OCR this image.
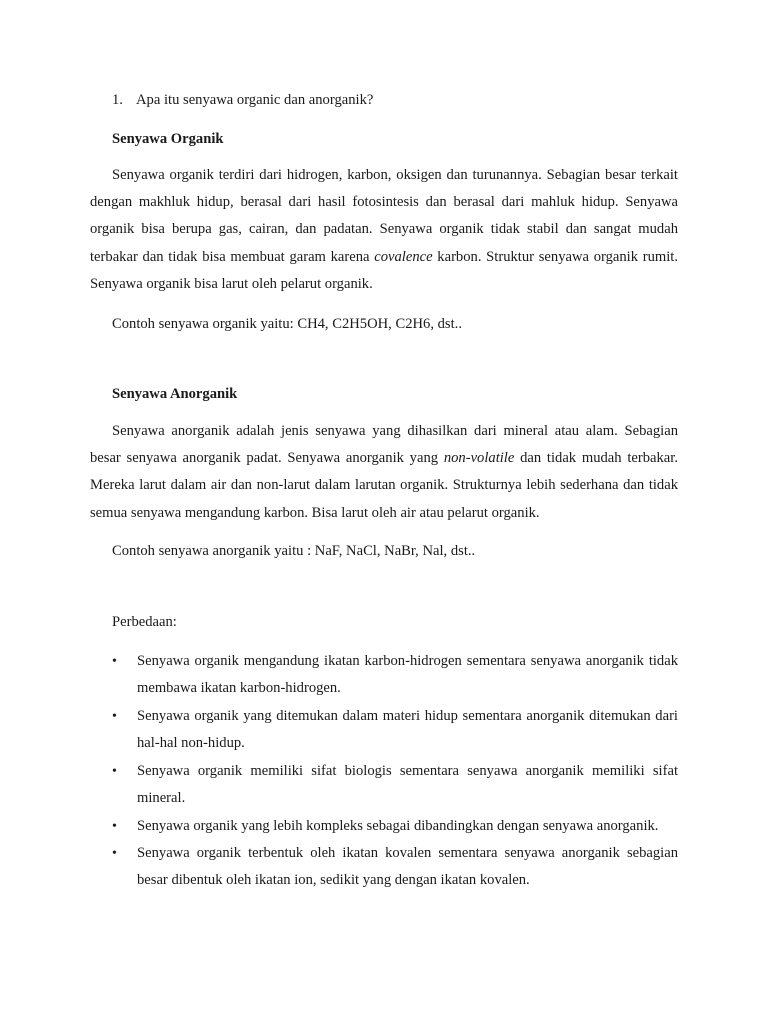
1. Apa itu senyawa organic dan anorganik?
Senyawa Organik

Senyawa organik terdiri dari hidrogen, karbon, oksigen dan turunannya. Sebagian besar terkait dengan makhluk hidup, berasal dari hasil fotosintesis dan berasal dari mahluk hidup. Senyawa organik bisa berupa gas, cairan, dan padatan. Senyawa organik tidak stabil dan sangat mudah terbakar dan tidak bisa membuat garam karena covalence karbon. Struktur senyawa organik rumit. Senyawa organik bisa larut oleh pelarut organik.

Contoh senyawa organik yaitu: CH4, C2H5OH, C2H6, dst..
Senyawa Anorganik

Senyawa anorganik adalah jenis senyawa yang dihasilkan dari mineral atau alam. Sebagian besar senyawa anorganik padat. Senyawa anorganik yang non-volatile dan tidak mudah terbakar. Mereka larut dalam air dan non-larut dalam larutan organik. Strukturnya lebih sederhana dan tidak semua senyawa mengandung karbon. Bisa larut oleh air atau pelarut organik.

Contoh senyawa anorganik yaitu : NaF, NaCl, NaBr, Nal, dst..
Perbedaan:
• Senyawa organik mengandung ikatan karbon-hidrogen sementara senyawa anorganik tidak membawa ikatan karbon-hidrogen.
• Senyawa organik yang ditemukan dalam materi hidup sementara anorganik ditemukan dari hal-hal non-hidup.
• Senyawa organik memiliki sifat biologis sementara senyawa anorganik memiliki sifat mineral.
• Senyawa organik yang lebih kompleks sebagai dibandingkan dengan senyawa anorganik.
• Senyawa organik terbentuk oleh ikatan kovalen sementara senyawa anorganik sebagian besar dibentuk oleh ikatan ion, sedikit yang dengan ikatan kovalen.
